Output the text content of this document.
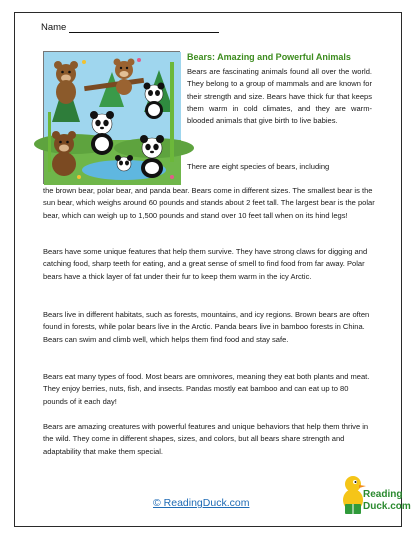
Name
Bears: Amazing and Powerful Animals
Bears are fascinating animals found all over the world. They belong to a group of mammals and are known for their strength and size. Bears have thick fur that keeps them warm in cold climates, and they are warm-blooded animals that give birth to live babies.
There are eight species of bears, including
the brown bear, polar bear, and panda bear. Bears come in different sizes. The smallest bear is the sun bear, which weighs around 60 pounds and stands about 2 feet tall. The largest bear is the polar bear, which can weigh up to 1,500 pounds and stand over 10 feet tall when on its hind legs!
Bears have some unique features that help them survive. They have strong claws for digging and catching food, sharp teeth for eating, and a great sense of smell to find food from far away. Polar bears have a thick layer of fat under their fur to keep them warm in the icy Arctic.
Bears live in different habitats, such as forests, mountains, and icy regions. Brown bears are often found in forests, while polar bears live in the Arctic. Panda bears live in bamboo forests in China. Bears can swim and climb well, which helps them find food and stay safe.
Bears eat many types of food. Most bears are omnivores, meaning they eat both plants and meat. They enjoy berries, nuts, fish, and insects. Pandas mostly eat bamboo and can eat up to 80 pounds of it each day!
Bears are amazing creatures with powerful features and unique behaviors that help them thrive in the wild. They come in different shapes, sizes, and colors, but all bears share strength and adaptability that make them special.
© ReadingDuck.com
Reading
Duck.com
